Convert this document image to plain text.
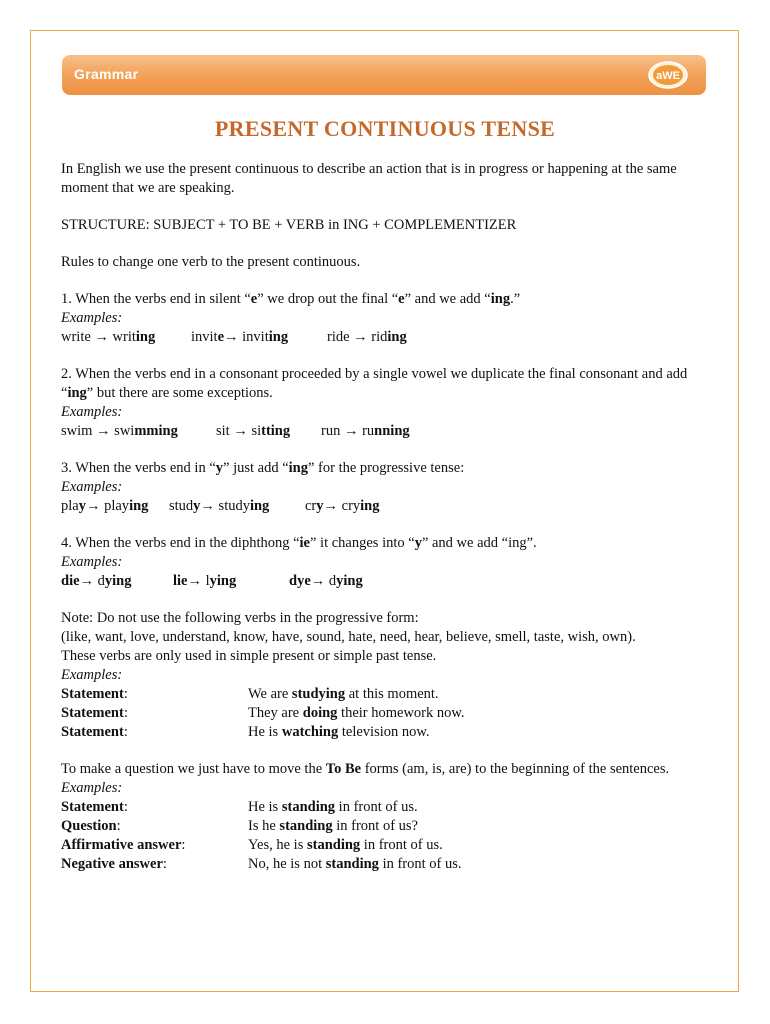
Grammar	aWE
PRESENT CONTINUOUS TENSE

In English we use the present continuous to describe an action that is in progress or happening at the same moment that we are speaking.

STRUCTURE: SUBJECT + TO BE + VERB in ING + COMPLEMENTIZER

Rules to change one verb to the present continuous.

1. When the verbs end in silent “e” we drop out the final “e” and we add “ing.”

Examples:

write → writing invite→ inviting	ride → riding

2. When the verbs end in a consonant proceeded by a single vowel we duplicate the final consonant and add “ing” but there are some exceptions.

Examples:

swim → swimming	sit → sitting run → running

3. When the verbs end in “y” just add “ing” for the progressive tense:

Examples:

play→ playing study→ studying cry→ crying

4. When the verbs end in the diphthong “ie” it changes into “y” and we add “ing”.

Examples:

die→ dying	lie→ lying	dye→ dying

Note: Do not use the following verbs in the progressive form:

(like, want, love, understand, know, have, sound, hate, need, hear, believe, smell, taste, wish, own).

These verbs are only used in simple present or simple past tense.

Examples:

Statement:	We are studying at this moment.
Statement:	They are doing their homework now.
Statement:	He is watching television now.

To make a question we just have to move the To Be forms (am, is, are) to the beginning of the sentences.

Examples:

Statement:	He is standing in front of us.
Question:	Is he standing in front of us?
Affirmative answer:	Yes, he is standing in front of us.
Negative answer:	No, he is not standing in front of us.
